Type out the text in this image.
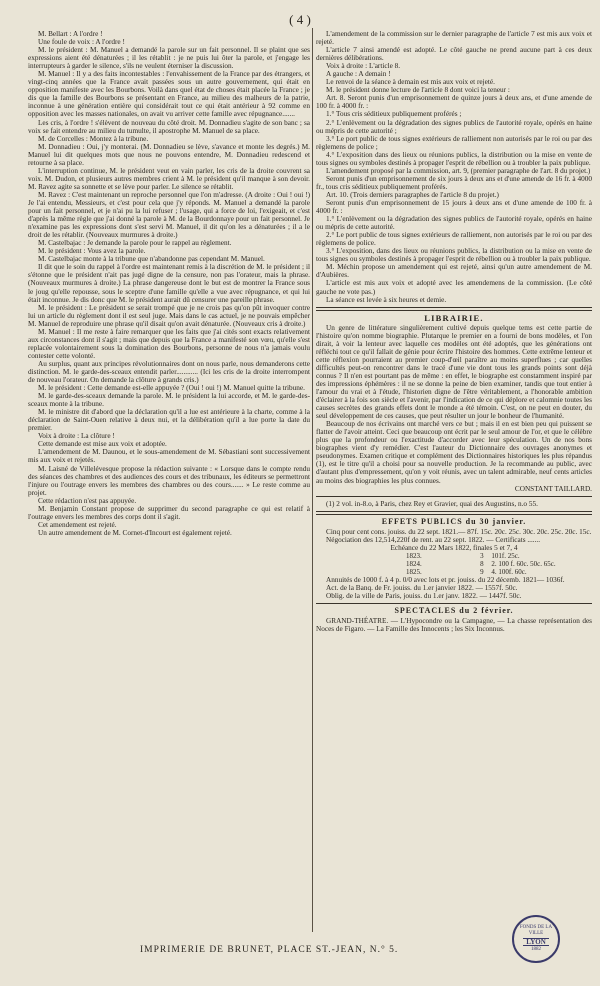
( 4 )

M. Bellart : A l'ordre !

Une foule de voix : A l'ordre !

M. le président : M. Manuel a demandé la parole sur un fait personnel. Il se plaint que ses expressions aient été dénaturées ; il les rétablit : je ne puis lui ôter la parole, et j'engage les interrupteurs à garder le silence, s'ils ne veulent éterniser la discussion.

M. Manuel : Il y a des faits incontestables : l'envahissement de la France par des étrangers, et vingt-cinq années que la France avait passées sous un autre gouvernement, qui était en opposition manifeste avec les Bourbons. Voilà dans quel état de choses était placée la France ; je dis que la famille des Bourbons se présentant en France, au milieu des malheurs de la patrie, inconnue à une génération entière qui considérait tout ce qui était antérieur à 92 comme en opposition avec les masses nationales, on avait vu arriver cette famille avec répugnance.......

Les cris, à l'ordre ! s'élèvent de nouveau du côté droit. M. Donnadieu s'agite de son banc ; sa voix se fait entendre au milieu du tumulte, il apostrophe M. Manuel de sa place.

M. de Corcelles : Montez à la tribune.

M. Donnadieu : Oui, j'y monterai. (M. Donnadieu se lève, s'avance et monte les degrés.) M. Manuel lui dit quelques mots que nous ne pouvons entendre, M. Donnadieu redescend et retourne à sa place.

L'interruption continue, M. le président veut en vain parler, les cris de la droite couvrent sa voix. M. Dudon, et plusieurs autres membres crient à M. le président qu'il manque à son devoir. M. Ravez agite sa sonnette et se lève pour parler. Le silence se rétablit.

M. Ravez : C'est maintenant un reproche personnel que l'on m'adresse. (A droite : Oui ! oui !) Je l'ai entendu, Messieurs, et c'est pour cela que j'y réponds. M. Manuel a demandé la parole pour un fait personnel, et je n'ai pu la lui refuser ; l'usage, qui a force de loi, l'exigeait, et c'est d'après la même règle que j'ai donné la parole à M. de la Bourdonnaye pour un fait personnel. Je n'examine pas les expressions dont s'est servi M. Manuel, il dit qu'on les a dénaturées ; il a le droit de les rétablir. (Nouveaux murmures à droite.)

M. Castelbajac : Je demande la parole pour le rappel au règlement.

M. le président : Vous avez la parole.

M. Castelbajac monte à la tribune que n'abandonne pas cependant M. Manuel.

Il dit que le soin du rappel à l'ordre est maintenant remis à la discrétion de M. le président ; il s'étonne que le président n'ait pas jugé digne de la censure, non pas l'orateur, mais la phrase. (Nouveaux murmures à droite.) La phrase dangereuse dont le but est de montrer la France sous le joug qu'elle repousse, sous le sceptre d'une famille qu'elle a vue avec répugnance, et qui lui était inconnue. Je dis donc que M. le président aurait dû censurer une pareille phrase.

M. le président : Le président se serait trompé que je ne crois pas qu'on pût invoquer contre lui un article du règlement dont il est seul juge. Mais dans le cas actuel, je ne pouvais empêcher M. Manuel de reproduire une phrase qu'il disait qu'on avait dénaturée. (Nouveaux cris à droite.)

M. Manuel : Il me reste à faire remarquer que les faits que j'ai cités sont exacts relativement aux circonstances dont il s'agit ; mais que depuis que la France a manifesté son vœu, qu'elle s'est replacée volontairement sous la domination des Bourbons, personne de nous n'a jamais voulu contester cette volonté.

Au surplus, quant aux principes révolutionnaires dont on nous parle, nous demanderons cette distinction. M. le garde-des-sceaux entendit parler............ (Ici les cris de la droite interrompent de nouveau l'orateur. On demande la clôture à grands cris.)

M. le président : Cette demande est-elle appuyée ? (Oui ! oui !) M. Manuel quitte la tribune.

M. le garde-des-sceaux demande la parole. M. le président la lui accorde, et M. le garde-des-sceaux monte à la tribune.

M. le ministre dit d'abord que la déclaration qu'il a lue est antérieure à la charte, comme à la déclaration de Saint-Ouen relative à deux nui, et la délibération qu'il a lue porte la date du premier.

Voix à droite : La clôture !

Cette demande est mise aux voix et adoptée.

L'amendement de M. Daunou, et le sous-amendement de M. Sébastiani sont successivement mis aux voix et rejetés.

M. Laisné de Villelévesque propose la rédaction suivante : « Lorsque dans le compte rendu des séances des chambres et des audiences des cours et des tribunaux, les éditeurs se permettront l'injure ou l'outrage envers les membres des chambres ou des cours....... » Le reste comme au projet.

Cette rédaction n'est pas appuyée.

M. Benjamin Constant propose de supprimer du second paragraphe ce qui est relatif à l'outrage envers les membres des corps dont il s'agit.

Cet amendement est rejeté.

Un autre amendement de M. Cornet-d'Incourt est également rejeté.

L'amendement de la commission sur le dernier paragraphe de l'article 7 est mis aux voix et rejeté.

L'article 7 ainsi amendé est adopté. Le côté gauche ne prend aucune part à ces deux dernières délibérations.

Voix à droite : L'article 8.

A gauche : A demain !

Le renvoi de la séance à demain est mis aux voix et rejeté.

M. le président donne lecture de l'article 8 dont voici la teneur :

Art. 8. Seront punis d'un emprisonnement de quinze jours à deux ans, et d'une amende de 100 fr. à 4000 fr. :

1.° Tous cris séditieux publiquement proférés ;

2.° L'enlèvement ou la dégradation des signes publics de l'autorité royale, opérés en haine ou mépris de cette autorité ;

3.° Le port public de tous signes extérieurs de ralliement non autorisés par le roi ou par des règlemens de police ;

4.° L'exposition dans des lieux ou réunions publics, la distribution ou la mise en vente de tous signes ou symboles destinés à propager l'esprit de rébellion ou à troubler la paix publique.

L'amendement proposé par la commission, art. 9, (premier paragraphe de l'art. 8 du projet.)

Seront punis d'un emprisonnement de six jours à deux ans et d'une amende de 16 fr. à 4000 fr., tous cris séditieux publiquement proférés.

Art. 10. (Trois derniers paragraphes de l'article 8 du projet.)

Seront punis d'un emprisonnement de 15 jours à deux ans et d'une amende de 100 fr. à 4000 fr. :

1.° L'enlèvement ou la dégradation des signes publics de l'autorité royale, opérés en haine ou mépris de cette autorité.

2.° Le port public de tous signes extérieurs de ralliement, non autorisés par le roi ou par des règlemens de police.

3.° L'exposition, dans des lieux ou réunions publics, la distribution ou la mise en vente de tous signes ou symboles destinés à propager l'esprit de rébellion ou à troubler la paix publique.

M. Méchin propose un amendement qui est rejeté, ainsi qu'un autre amendement de M. d'Aubières.

L'article est mis aux voix et adopté avec les amendemens de la commission. (Le côté gauche ne vote pas.)

La séance est levée à six heures et demie.

LIBRAIRIE.

Un genre de littérature singulièrement cultivé depuis quelque tems est cette partie de l'histoire qu'on nomme biographie. Plutarque le premier en a fourni de bons modèles, et l'on dirait, à voir la lenteur avec laquelle ces modèles ont été adoptés, que les générations ont réfléchi tout ce qu'il fallait de génie pour écrire l'histoire des hommes. Cette extrême lenteur et cette réflexion pourraient au premier coup-d'œil paraître au moins superflues ; car quelles difficultés peut-on rencontrer dans le tracé d'une vie dont tous les grands points sont déjà connus ? Il n'en est pourtant pas de même : en effet, le biographe est constamment inspiré par des impressions éphémères : il ne se donne la peine de bien examiner, tandis que tout entier à l'amour du vrai et à l'étude, l'historien digne de l'être véritablement, a l'honorable ambition d'éclairer à la fois son siècle et l'avenir, par l'indication de ce qui déplore et calomnie toutes les causes secrètes des grands effets dont le monde a été témoin. C'est, on ne peut en douter, du seul développement de ces causes, que peut résulter un jour le bonheur de l'humanité.

Beaucoup de nos écrivains ont marché vers ce but ; mais il en est bien peu qui puissent se flatter de l'avoir atteint. Ceci que beaucoup ont écrit par le seul amour de l'or, et que le célèbre plus que la profondeur ou l'exactitude d'accorder avec leur spéculation. Un de nos bons biographes vient d'y remédier. C'est l'auteur du Dictionnaire des ouvrages anonymes et pseudonymes. Examen critique et complément des Dictionnaires historiques les plus répandus (1), est le titre qu'il a choisi pour sa nouvelle production. Je la recommande au public, avec d'autant plus d'empressement, qu'on y voit réunis, avec un talent admirable, neuf cents articles au moins des biographies les plus connues.

CONSTANT TAILLARD.

(1) 2 vol. in-8.o, à Paris, chez Rey et Gravier, quai des Augustins, n.o 55.

EFFETS PUBLICS du 30 janvier.

Cinq pour cent cons. jouiss. du 22 sept. 1821.— 87f. 15c. 20c. 25c. 30c. 20c. 25c. 20c. 15c.

Négociation des 12,514,220f de rent. au 22 sept. 1822. — Certificats .......

Echéance du 22 Mars 1822, finales 5 et 7, 4

1823.	3	101f. 25c.
1824.	8	2. 100 f. 60c. 50c. 65c.
1825.	9	4. 100f. 60c.

Annuités de 1000 f. à 4 p. 0/0 avec lots et pr. jouiss. du 22 décemb. 1821— 1036f.

Act. de la Banq. de Fr. jouiss. du 1.er janvier 1822. — 1557f. 50c.

Oblig. de la ville de Paris, jouiss. du 1.er janv. 1822. — 1447f. 50c.

SPECTACLES du 2 février.

GRAND-THÉATRE. — L'Hypocondre ou la Campagne, — La chasse représentation des Noces de Figaro. — La Famille des Innocents ; les Six Inconnus.

IMPRIMERIE DE BRUNET, PLACE ST.-JEAN, N.° 5.
FONDS DE LA VILLE
LYON
1882
